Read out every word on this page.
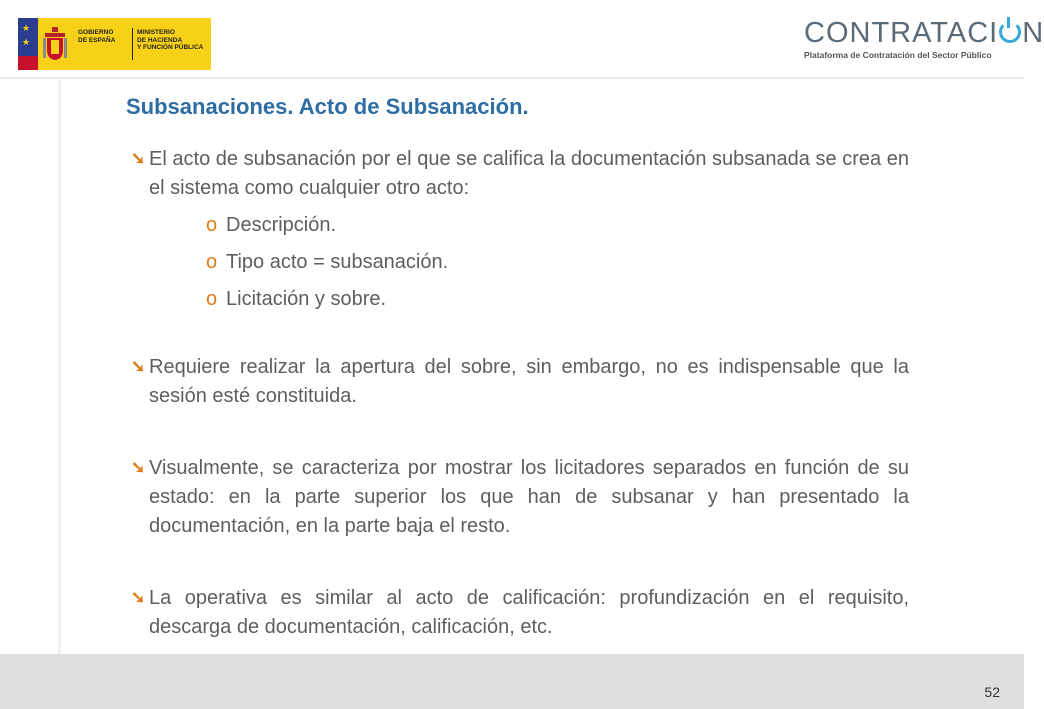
★
★
GOBIERNO
DE ESPAÑA
MINISTERIO
DE HACIENDA
Y FUNCIÓN PÚBLICA	CONTRATACI N
Plataforma de Contratación del Sector Público
Subsanaciones. Acto de Subsanación.

➘ El acto de subsanación por el que se califica la documentación subsanada se crea en el sistema como cualquier otro acto:

o Descripción.
o Tipo acto = subsanación.
o Licitación y sobre.

➘ Requiere realizar la apertura del sobre, sin embargo, no es indispensable que la sesión esté constituida.

➘ Visualmente, se caracteriza por mostrar los licitadores separados en función de su estado: en la parte superior los que han de subsanar y han presentado la documentación, en la parte baja el resto.

➘ La operativa es similar al acto de calificación: profundización en el requisito, descarga de documentación, calificación, etc.

52
